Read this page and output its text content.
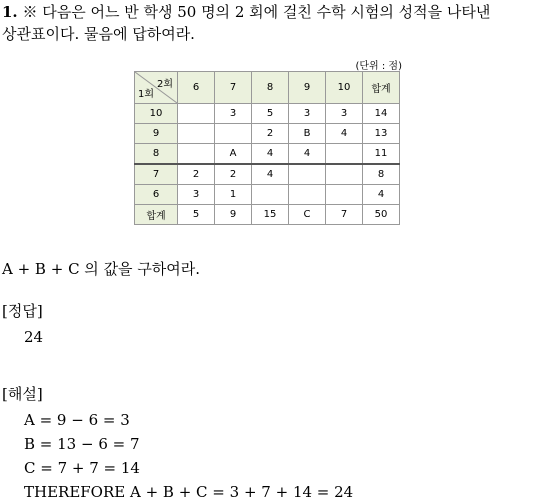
1. ※ 다음은 어느 반 학생 50 명의 2 회에 걸친 수학 시험의 성적을 나타낸
상관표이다. 물음에 답하여라.
(단위 : 점)
2회
1회	6	7	8	9	10	합계
10		3	5	3	3	14
9			2	B	4	13
8		A	4	4		11
7	2	2	4			8
6	3	1				4
합계	5	9	15	C	7	50
A + B + C 의 값을 구하여라.
[정답]
24
[해설]
A = 9 − 6 = 3
B = 13 − 6 = 7
C = 7 + 7 = 14
THEREFORE A + B + C = 3 + 7 + 14 = 24
